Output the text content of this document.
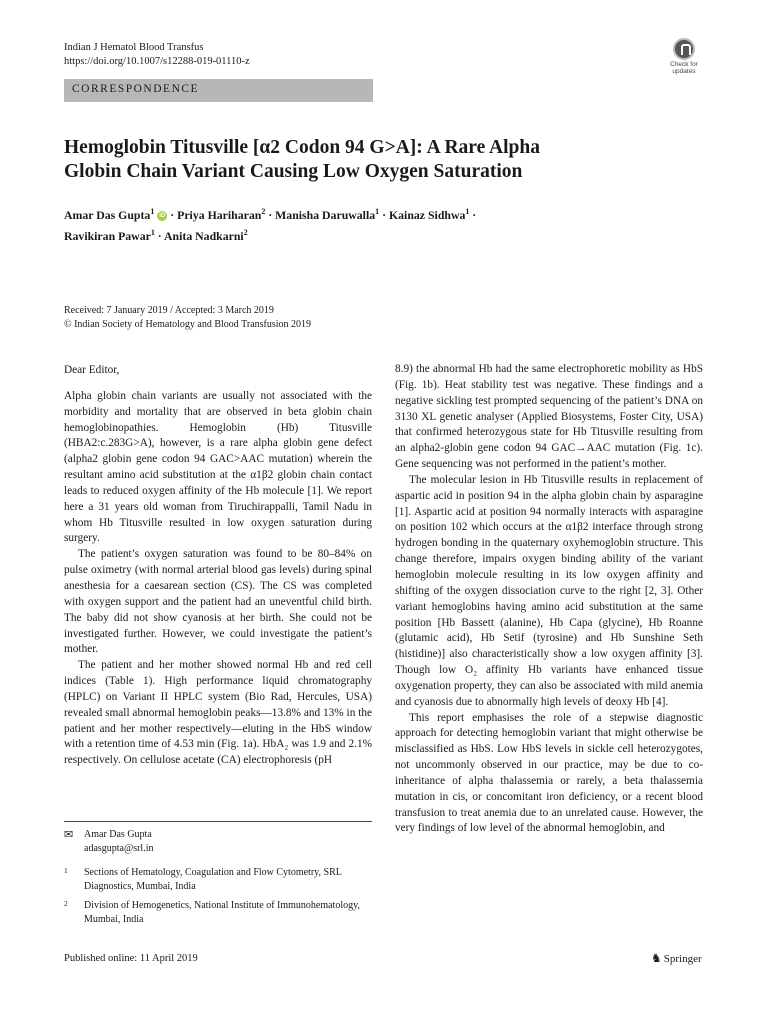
Indian J Hematol Blood Transfus
https://doi.org/10.1007/s12288-019-01110-z	Check for
updates
CORRESPONDENCE
Hemoglobin Titusville [α2 Codon 94 G>A]: A Rare Alpha
Globin Chain Variant Causing Low Oxygen Saturation
Amar Das Gupta$^1$ iD · Priya Hariharan$^2$ · Manisha Daruwalla$^1$ · Kainaz Sidhwa$^1$ ·
Ravikiran Pawar$^1$ · Anita Nadkarni$^2$
Received: 7 January 2019 / Accepted: 3 March 2019
© Indian Society of Hematology and Blood Transfusion 2019

Dear Editor,

Alpha globin chain variants are usually not associated with the morbidity and mortality that are observed in beta globin chain hemoglobinopathies. Hemoglobin (Hb) Titusville (HBA2:c.283G>A), however, is a rare alpha globin gene defect (alpha2 globin gene codon 94 GAC>AAC mutation) wherein the resultant amino acid substitution at the α1β2 globin chain contact leads to reduced oxygen affinity of the Hb molecule [1]. We report here a 31 years old woman from Tiruchirappalli, Tamil Nadu in whom Hb Titusville resulted in low oxygen saturation during surgery.

The patient’s oxygen saturation was found to be 80–84% on pulse oximetry (with normal arterial blood gas levels) during spinal anesthesia for a caesarean section (CS). The CS was completed with oxygen support and the patient had an uneventful child birth. The baby did not show cyanosis at her birth. She could not be investigated further. However, we could investigate the patient’s mother.

The patient and her mother showed normal Hb and red cell indices (Table 1). High performance liquid chromatography (HPLC) on Variant II HPLC system (Bio Rad, Hercules, USA) revealed small abnormal hemoglobin peaks—13.8% and 13% in the patient and her mother respectively—eluting in the HbS window with a retention time of 4.53 min (Fig. 1a). HbA₂ was 1.9 and 2.1% respectively. On cellulose acetate (CA) electrophoresis (pH

8.9) the abnormal Hb had the same electrophoretic mobility as HbS (Fig. 1b). Heat stability test was negative. These findings and a negative sickling test prompted sequencing of the patient’s DNA on 3130 XL genetic analyser (Applied Biosystems, Foster City, USA) that confirmed heterozygous state for Hb Titusville resulting from an alpha2-globin gene codon 94 GAC→AAC mutation (Fig. 1c). Gene sequencing was not performed in the patient’s mother.

The molecular lesion in Hb Titusville results in replacement of aspartic acid in position 94 in the alpha globin chain by asparagine [1]. Aspartic acid at position 94 normally interacts with asparagine on position 102 which occurs at the α1β2 interface through strong hydrogen bonding in the quaternary oxyhemoglobin structure. This change therefore, impairs oxygen binding ability of the variant hemoglobin molecule resulting in its low oxygen affinity and shifting of the oxygen dissociation curve to the right [2, 3]. Other variant hemoglobins having amino acid substitution at the same position [Hb Bassett (alanine), Hb Capa (glycine), Hb Roanne (glutamic acid), Hb Setif (tyrosine) and Hb Sunshine Seth (histidine)] also characteristically show a low oxygen affinity [3]. Though low O₂ affinity Hb variants have enhanced tissue oxygenation property, they can also be associated with mild anemia and cyanosis due to abnormally high levels of deoxy Hb [4].

This report emphasises the role of a stepwise diagnostic approach for detecting hemoglobin variant that might otherwise be misclassified as HbS. Low HbS levels in sickle cell heterozygotes, not uncommonly observed in our practice, may be due to co-inheritance of alpha thalassemia or rarely, a beta thalassemia mutation in cis, or concomitant iron deficiency, or a recent blood transfusion to treat anemia due to an unrelated cause. However, the very findings of low level of the abnormal hemoglobin, and

✉ Amar Das Gupta
adasgupta@srl.in
1 Sections of Hematology, Coagulation and Flow Cytometry, SRL Diagnostics, Mumbai, India
2 Division of Hemogenetics, National Institute of Immunohematology, Mumbai, India
Published online: 11 April 2019	♞ Springer
